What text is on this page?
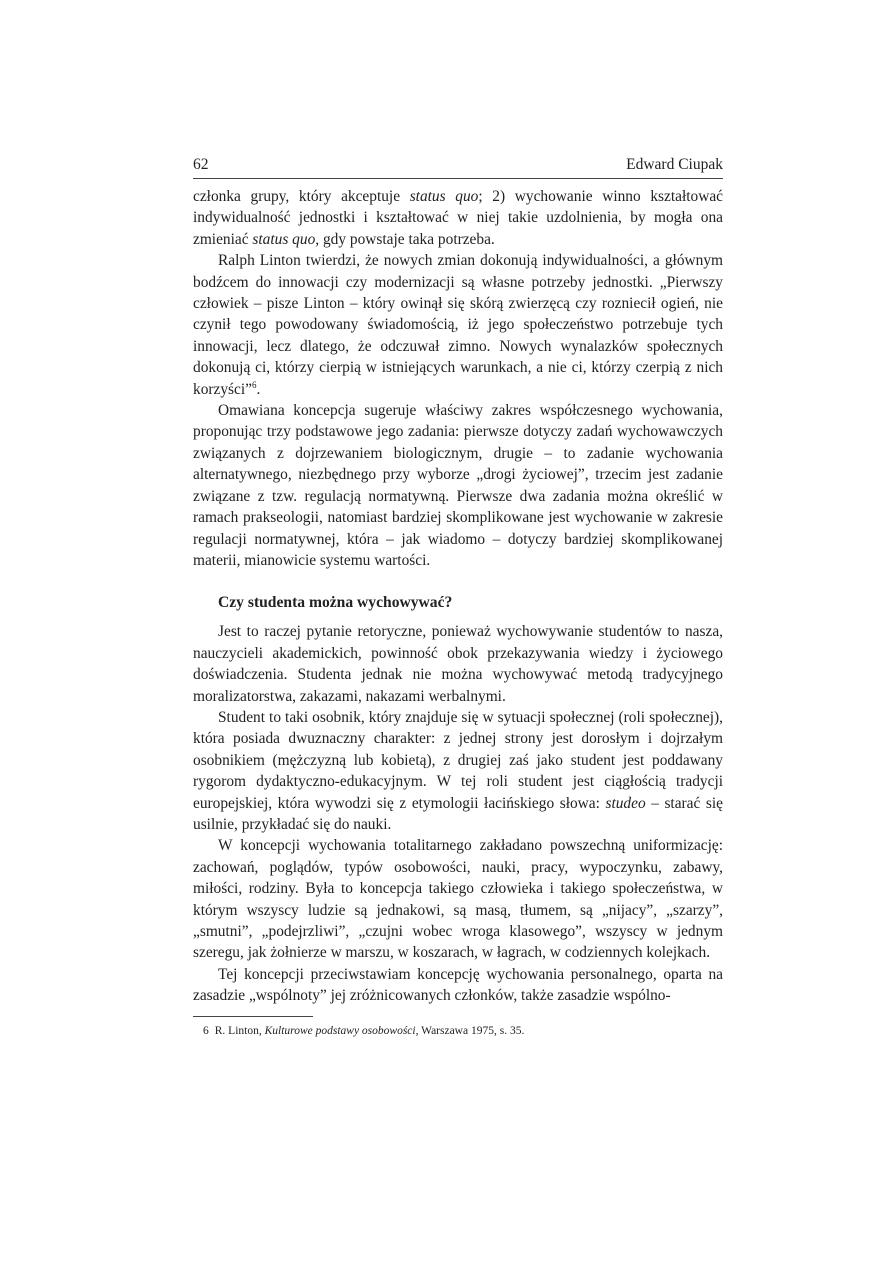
62	Edward Ciupak

członka grupy, który akceptuje status quo; 2) wychowanie winno kształtować indywidualność jednostki i kształtować w niej takie uzdolnienia, by mogła ona zmieniać status quo, gdy powstaje taka potrzeba.

Ralph Linton twierdzi, że nowych zmian dokonują indywidualności, a głównym bodźcem do innowacji czy modernizacji są własne potrzeby jednostki. „Pierwszy człowiek – pisze Linton – który owinął się skórą zwierzęcą czy rozniecił ogień, nie czynił tego powodowany świadomością, iż jego społeczeństwo potrzebuje tych innowacji, lecz dlatego, że odczuwał zimno. Nowych wynalazków społecznych dokonują ci, którzy cierpią w istniejących warunkach, a nie ci, którzy czerpią z nich korzyści”$^6$.

Omawiana koncepcja sugeruje właściwy zakres współczesnego wychowania, proponując trzy podstawowe jego zadania: pierwsze dotyczy zadań wychowawczych związanych z dojrzewaniem biologicznym, drugie – to zadanie wychowania alternatywnego, niezbędnego przy wyborze „drogi życiowej”, trzecim jest zadanie związane z tzw. regulacją normatywną. Pierwsze dwa zadania można określić w ramach prakseologii, natomiast bardziej skomplikowane jest wychowanie w zakresie regulacji normatywnej, która – jak wiadomo – dotyczy bardziej skomplikowanej materii, mianowicie systemu wartości.

Czy studenta można wychowywać?

Jest to raczej pytanie retoryczne, ponieważ wychowywanie studentów to nasza, nauczycieli akademickich, powinność obok przekazywania wiedzy i życiowego doświadczenia. Studenta jednak nie można wychowywać metodą tradycyjnego moralizatorstwa, zakazami, nakazami werbalnymi.

Student to taki osobnik, który znajduje się w sytuacji społecznej (roli społecznej), która posiada dwuznaczny charakter: z jednej strony jest dorosłym i dojrzałym osobnikiem (mężczyzną lub kobietą), z drugiej zaś jako student jest poddawany rygorom dydaktyczno-edukacyjnym. W tej roli student jest ciągłością tradycji europejskiej, która wywodzi się z etymologii łacińskiego słowa: studeo – starać się usilnie, przykładać się do nauki.

W koncepcji wychowania totalitarnego zakładano powszechną uniformizację: zachowań, poglądów, typów osobowości, nauki, pracy, wypoczynku, zabawy, miłości, rodziny. Była to koncepcja takiego człowieka i takiego społeczeństwa, w którym wszyscy ludzie są jednakowi, są masą, tłumem, są „nijacy”, „szarzy”, „smutni”, „podejrzliwi”, „czujni wobec wroga klasowego”, wszyscy w jednym szeregu, jak żołnierze w marszu, w koszarach, w łagrach, w codziennych kolejkach.

Tej koncepcji przeciwstawiam koncepcję wychowania personalnego, oparta na zasadzie „wspólnoty” jej zróżnicowanych członków, także zasadzie wspólno-

6 R. Linton, Kulturowe podstawy osobowości, Warszawa 1975, s. 35.
